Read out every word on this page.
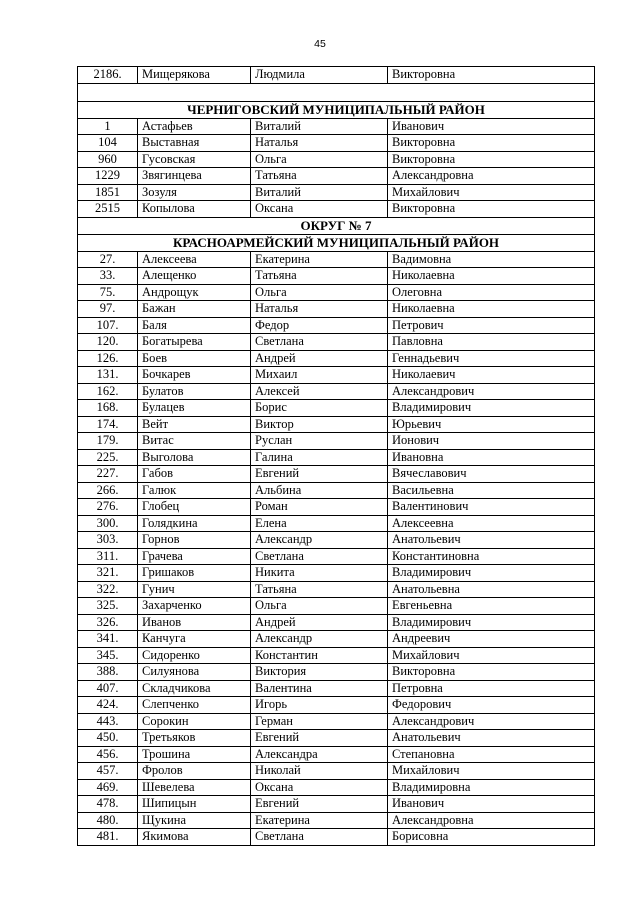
45
2186.	Мищерякова	Людмила	Викторовна

ЧЕРНИГОВСКИЙ МУНИЦИПАЛЬНЫЙ РАЙОН			
1	Астафьев	Виталий	Иванович
104	Выставная	Наталья	Викторовна
960	Гусовская	Ольга	Викторовна
1229	Звягинцева	Татьяна	Александровна
1851	Зозуля	Виталий	Михайлович
2515	Копылова	Оксана	Викторовна
ОКРУГ № 7			
КРАСНОАРМЕЙСКИЙ МУНИЦИПАЛЬНЫЙ РАЙОН			
27.	Алексеева	Екатерина	Вадимовна
33.	Алещенко	Татьяна	Николаевна
75.	Андрощук	Ольга	Олеговна
97.	Бажан	Наталья	Николаевна
107.	Баля	Федор	Петрович
120.	Богатырева	Светлана	Павловна
126.	Боев	Андрей	Геннадьевич
131.	Бочкарев	Михаил	Николаевич
162.	Булатов	Алексей	Александрович
168.	Булацев	Борис	Владимирович
174.	Вейт	Виктор	Юрьевич
179.	Витас	Руслан	Ионович
225.	Выголова	Галина	Ивановна
227.	Габов	Евгений	Вячеславович
266.	Галюк	Альбина	Васильевна
276.	Глобец	Роман	Валентинович
300.	Голядкина	Елена	Алексеевна
303.	Горнов	Александр	Анатольевич
311.	Грачева	Светлана	Константиновна
321.	Гришаков	Никита	Владимирович
322.	Гунич	Татьяна	Анатольевна
325.	Захарченко	Ольга	Евгеньевна
326.	Иванов	Андрей	Владимирович
341.	Канчуга	Александр	Андреевич
345.	Сидоренко	Константин	Михайлович
388.	Силуянова	Виктория	Викторовна
407.	Складчикова	Валентина	Петровна
424.	Слепченко	Игорь	Федорович
443.	Сорокин	Герман	Александрович
450.	Третьяков	Евгений	Анатольевич
456.	Трошина	Александра	Степановна
457.	Фролов	Николай	Михайлович
469.	Шевелева	Оксана	Владимировна
478.	Шипицын	Евгений	Иванович
480.	Щукина	Екатерина	Александровна
481.	Якимова	Светлана	Борисовна
